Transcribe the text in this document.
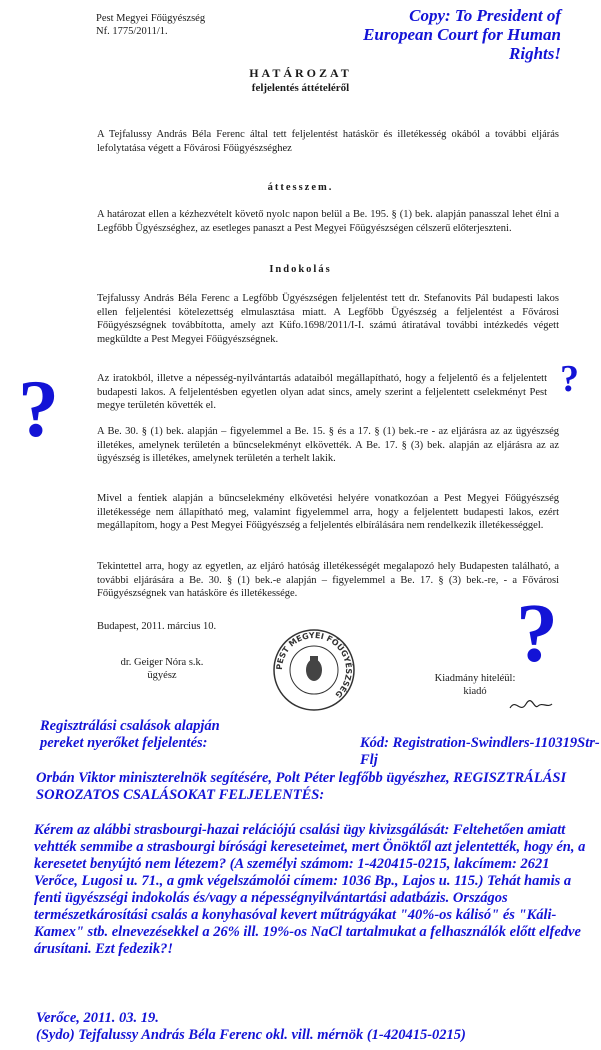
Pest Megyei Főügyészség
Nf. 1775/2011/1.
Copy: To President of European Court for Human Rights!
HATÁROZAT
feljelentés áttételéről

A Tejfalussy András Béla Ferenc által tett feljelentést hatáskör és illetékesség okából a további eljárás lefolytatása végett a Fővárosi Főügyészséghez

áttesszem.

A határozat ellen a kézhezvételt követő nyolc napon belül a Be. 195. § (1) bek. alapján panasszal lehet élni a Legfőbb Ügyészséghez, az esetleges panaszt a Pest Megyei Főügyészségen célszerű előterjeszteni.

Indokolás

Tejfalussy András Béla Ferenc a Legfőbb Ügyészségen feljelentést tett dr. Stefanovits Pál budapesti lakos ellen feljelentési kötelezettség elmulasztása miatt. A Legfőbb Ügyészség a feljelentést a Fővárosi Főügyészségnek továbbította, amely azt Küfo.1698/2011/I-I. számú átiratával további intézkedés végett megküldte a Pest Megyei Főügyészségnek.

Az iratokból, illetve a népesség-nyilvántartás adataiból megállapítható, hogy a feljelentő és a feljelentett budapesti lakos. A feljelentésben egyetlen olyan adat sincs, amely szerint a feljelentett cselekményt Pest megye területén követték el.

A Be. 30. § (1) bek. alapján – figyelemmel a Be. 15. § és a 17. § (1) bek.-re - az eljárásra az az ügyészség illetékes, amelynek területén a bűncselekményt elkövették. A Be. 17. § (3) bek. alapján az eljárásra az az ügyészség is illetékes, amelynek területén a terhelt lakik.

Mivel a fentiek alapján a bűncselekmény elkövetési helyére vonatkozóan a Pest Megyei Főügyészség illetékessége nem állapítható meg, valamint figyelemmel arra, hogy a feljelentett budapesti lakos, ezért megállapítom, hogy a Pest Megyei Főügyészség a feljelentés elbírálására nem rendelkezik illetékességgel.

Tekintettel arra, hogy az egyetlen, az eljáró hatóság illetékességét megalapozó hely Budapesten található, a további eljárására a Be. 30. § (1) bek.-e alapján – figyelemmel a Be. 17. § (3) bek.-re, - a Fővárosi Főügyészségnek van hatásköre és illetékessége.

?	?
?
Budapest, 2011. március 10.
dr. Geiger Nóra s.k.
ügyész	Kiadmány hiteléül:
kiadó
PEST MEGYEI FŐÜGYÉSZSÉG
Regisztrálási csalások alapján
pereket nyerőket feljelentés:	Kód: Registration-Swindlers-110319Str-Flj
Orbán Viktor miniszterelnök segítésére, Polt Péter legfőbb ügyészhez, REGISZTRÁLÁSI SOROZATOS CSALÁSOKAT FELJELENTÉS:
Kérem az alábbi strasbourgi-hazai relációjú csalási ügy kivizsgálását: Feltehetően amiatt vehtték semmibe a strasbourgi bírósági kereseteimet, mert Önöktől azt jelentették, hogy én, a keresetet benyújtó nem létezem? (A személyi számom: 1-420415-0215, lakcímem: 2621 Verőce, Lugosi u. 71., a gmk végelszámolói címem: 1036 Bp., Lajos u. 115.) Tehát hamis a fenti ügyészségi indokolás és/vagy a népességnyilvántartási adatbázis. Országos természetkárosítási csalás a konyhasóval kevert műtrágyákat "40%-os kálisó" és "Káli-Kamex" stb. elnevezésekkel a 26% ill. 19%-os NaCl tartalmukat a felhasználók előtt elfedve árusítani. Ezt fedezik?!
Verőce, 2011. 03. 19.
(Sydo) Tejfalussy András Béla Ferenc okl. vill. mérnök (1-420415-0215)
